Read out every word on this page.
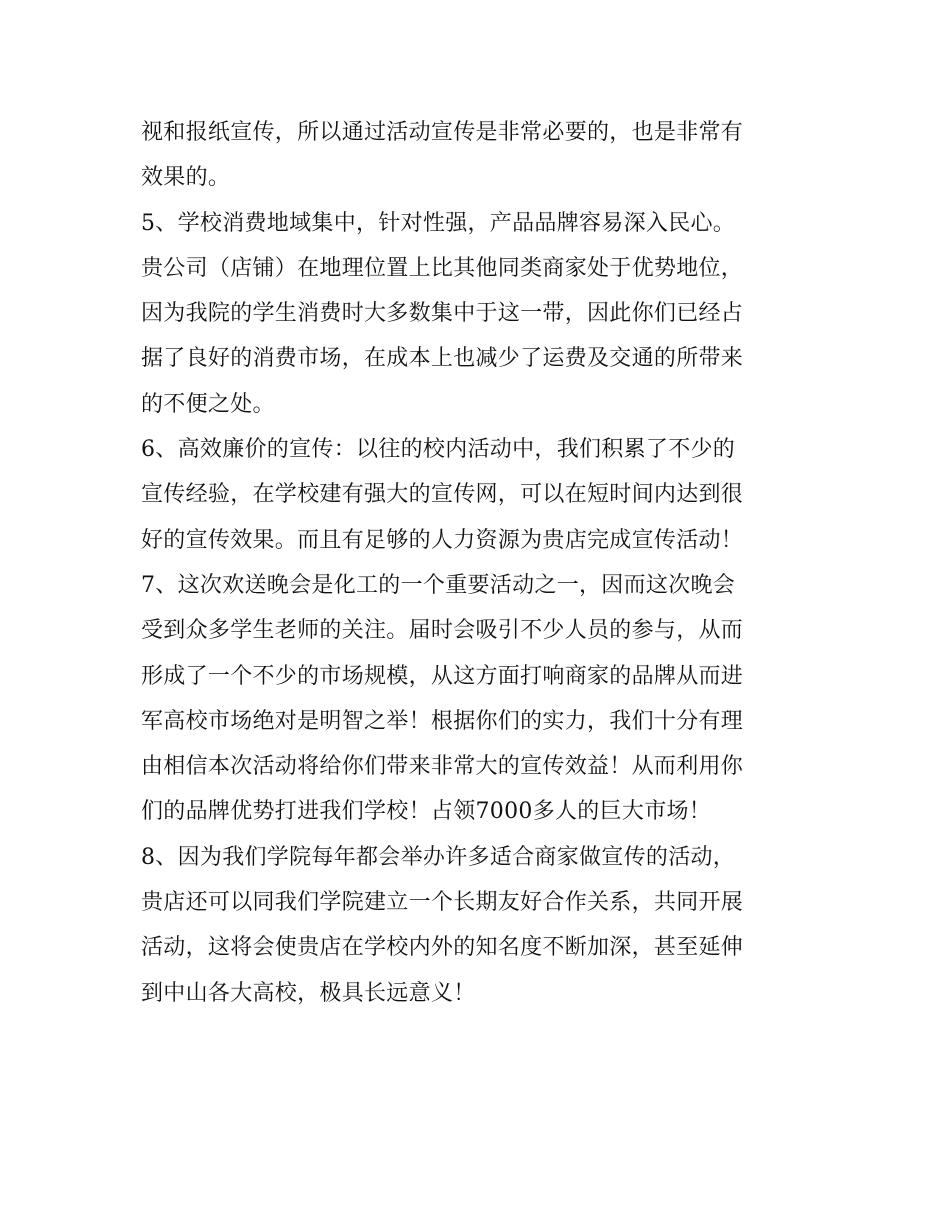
视和报纸宣传，所以通过活动宣传是非常必要的，也是非常有
效果的。
5、学校消费地域集中，针对性强，产品品牌容易深入民心。
贵公司（店铺）在地理位置上比其他同类商家处于优势地位，
因为我院的学生消费时大多数集中于这一带，因此你们已经占
据了良好的消费市场，在成本上也减少了运费及交通的所带来
的不便之处。
6、高效廉价的宣传：以往的校内活动中，我们积累了不少的
宣传经验，在学校建有强大的宣传网，可以在短时间内达到很
好的宣传效果。而且有足够的人力资源为贵店完成宣传活动！
7、这次欢送晚会是化工的一个重要活动之一，因而这次晚会
受到众多学生老师的关注。届时会吸引不少人员的参与，从而
形成了一个不少的市场规模，从这方面打响商家的品牌从而进
军高校市场绝对是明智之举！根据你们的实力，我们十分有理
由相信本次活动将给你们带来非常大的宣传效益！从而利用你
们的品牌优势打进我们学校！占领7000多人的巨大市场！
8、因为我们学院每年都会举办许多适合商家做宣传的活动，
贵店还可以同我们学院建立一个长期友好合作关系，共同开展
活动，这将会使贵店在学校内外的知名度不断加深，甚至延伸
到中山各大高校，极具长远意义！
